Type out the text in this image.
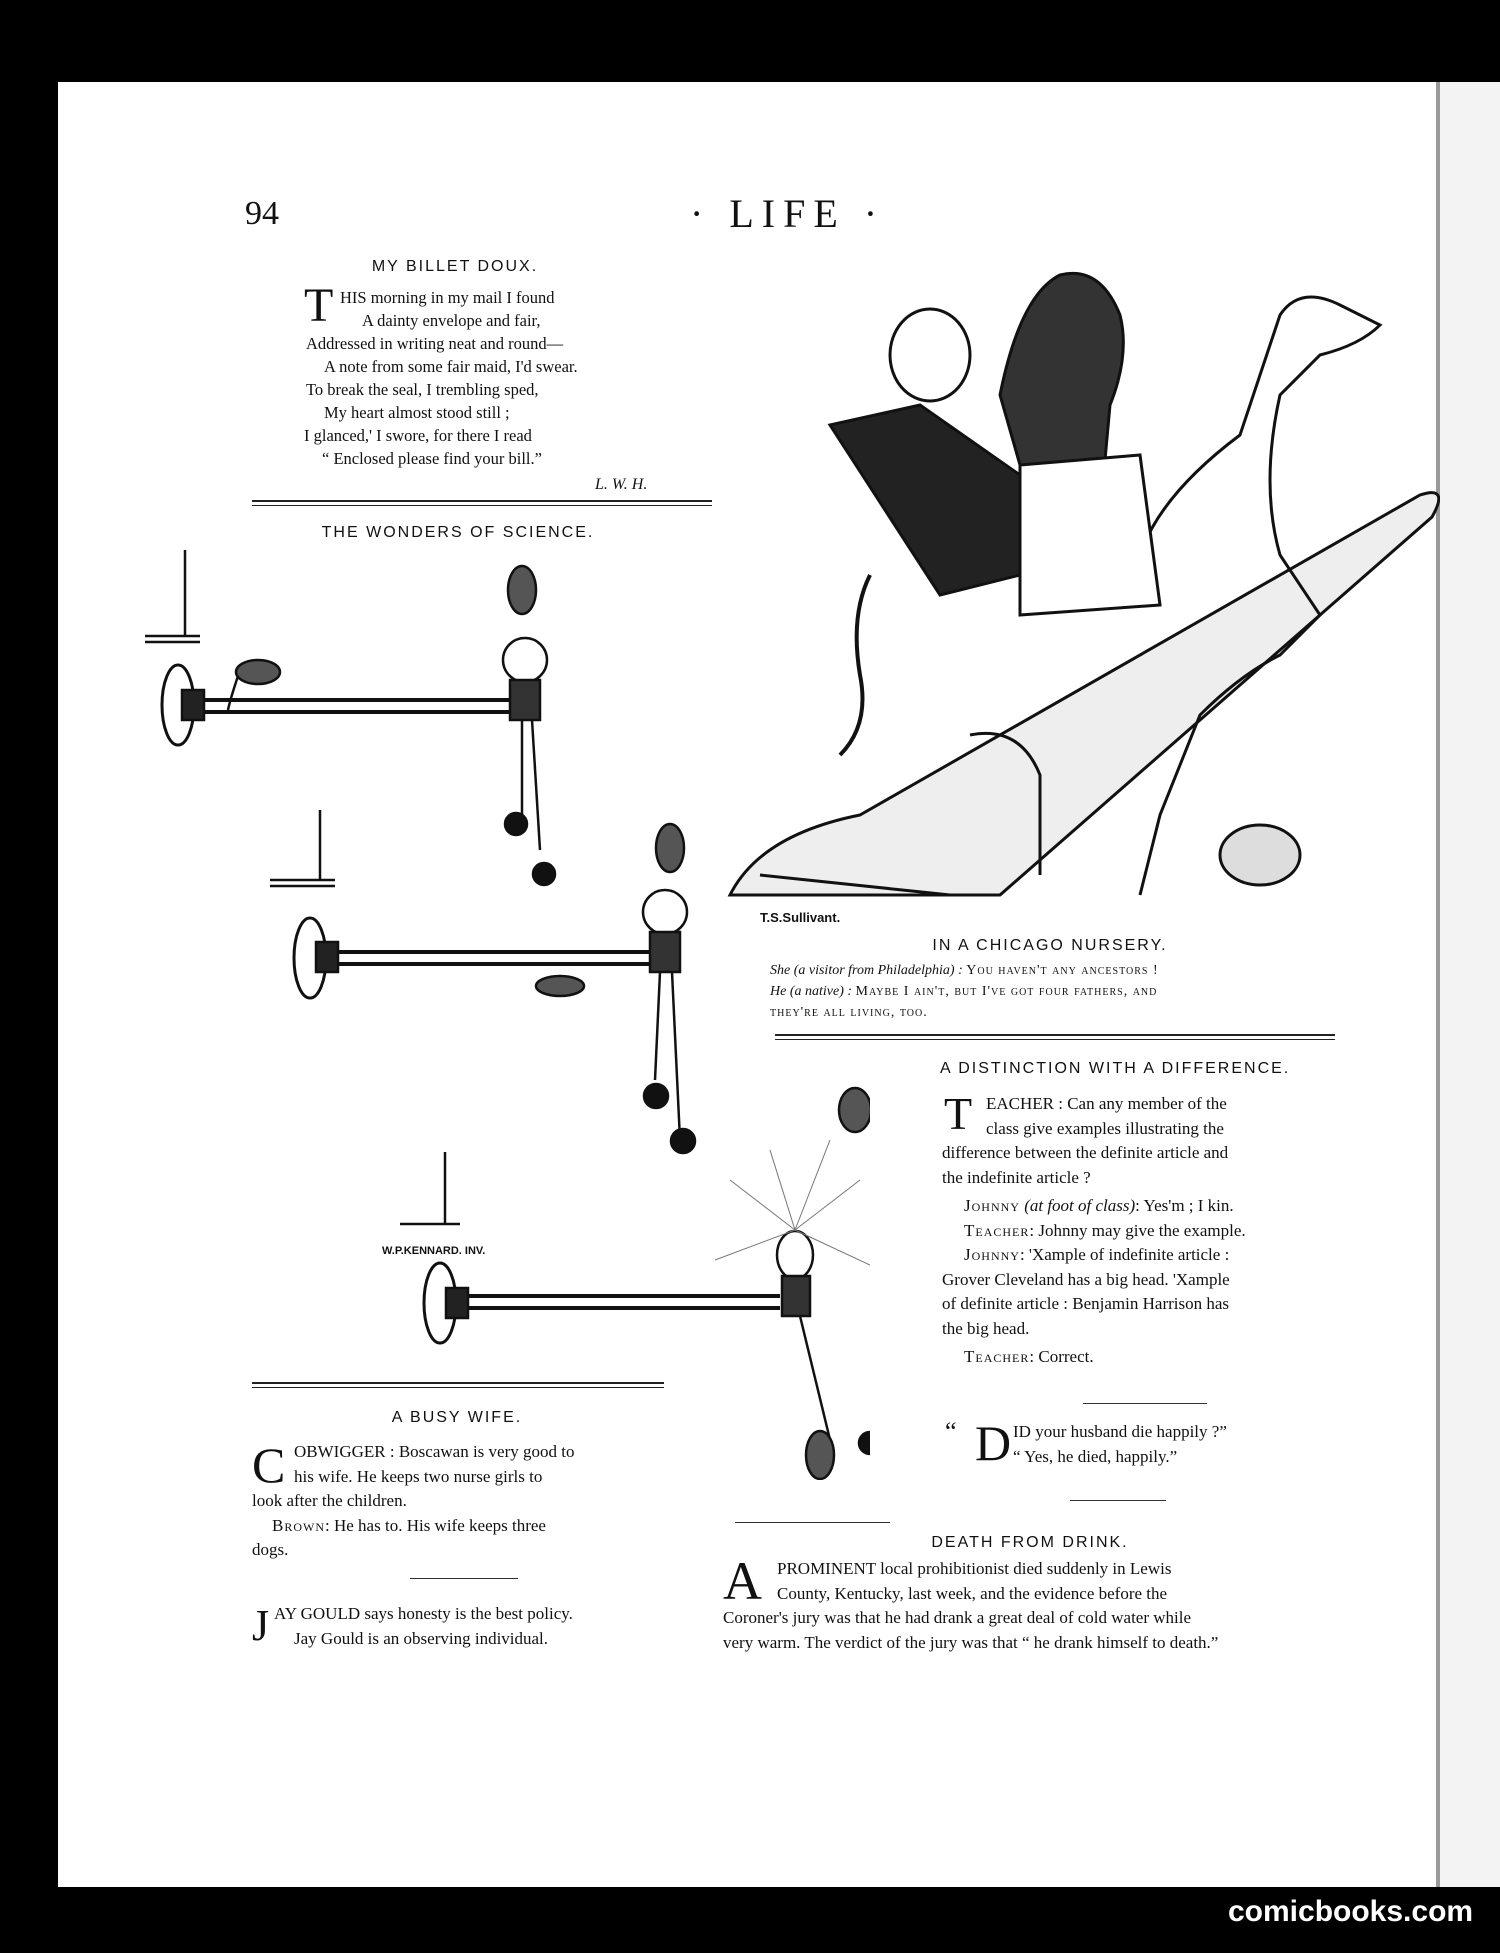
94	· LIFE ·
MY BILLET DOUX.
T HIS morning in my mail I found
A dainty envelope and fair,
Addressed in writing neat and round—
A note from some fair maid, I'd swear.
To break the seal, I trembling sped,
My heart almost stood still ;
I glanced,' I swore, for there I read
“ Enclosed please find your bill.”
L. W. H.
THE WONDERS OF SCIENCE.
W.P.KENNARD. INV.
T.S.Sullivant.
IN A CHICAGO NURSERY.
She (a visitor from Philadelphia) : You haven't any ancestors !
He (a native) : Maybe I ain't, but I've got four fathers, and
they're all living, too.
A DISTINCTION WITH A DIFFERENCE.
T EACHER : Can any member of the
class give examples illustrating the
difference between the definite article and
the indefinite article ?
Johnny (at foot of class): Yes'm ; I kin.
Teacher: Johnny may give the example.
Johnny: 'Xample of indefinite article :
Grover Cleveland has a big head. 'Xample
of definite article : Benjamin Harrison has
the big head.
Teacher: Correct.
“ D ID your husband die happily ?”
“ Yes, he died, happily.”
A BUSY WIFE.
C OBWIGGER : Boscawan is very good to
his wife. He keeps two nurse girls to
look after the children.
Brown: He has to. His wife keeps three
dogs.
J AY GOULD says honesty is the best policy.
Jay Gould is an observing individual.
DEATH FROM DRINK.
A PROMINENT local prohibitionist died suddenly in Lewis
County, Kentucky, last week, and the evidence before the
Coroner's jury was that he had drank a great deal of cold water while
very warm. The verdict of the jury was that “ he drank himself to death.”
comicbooks.com
